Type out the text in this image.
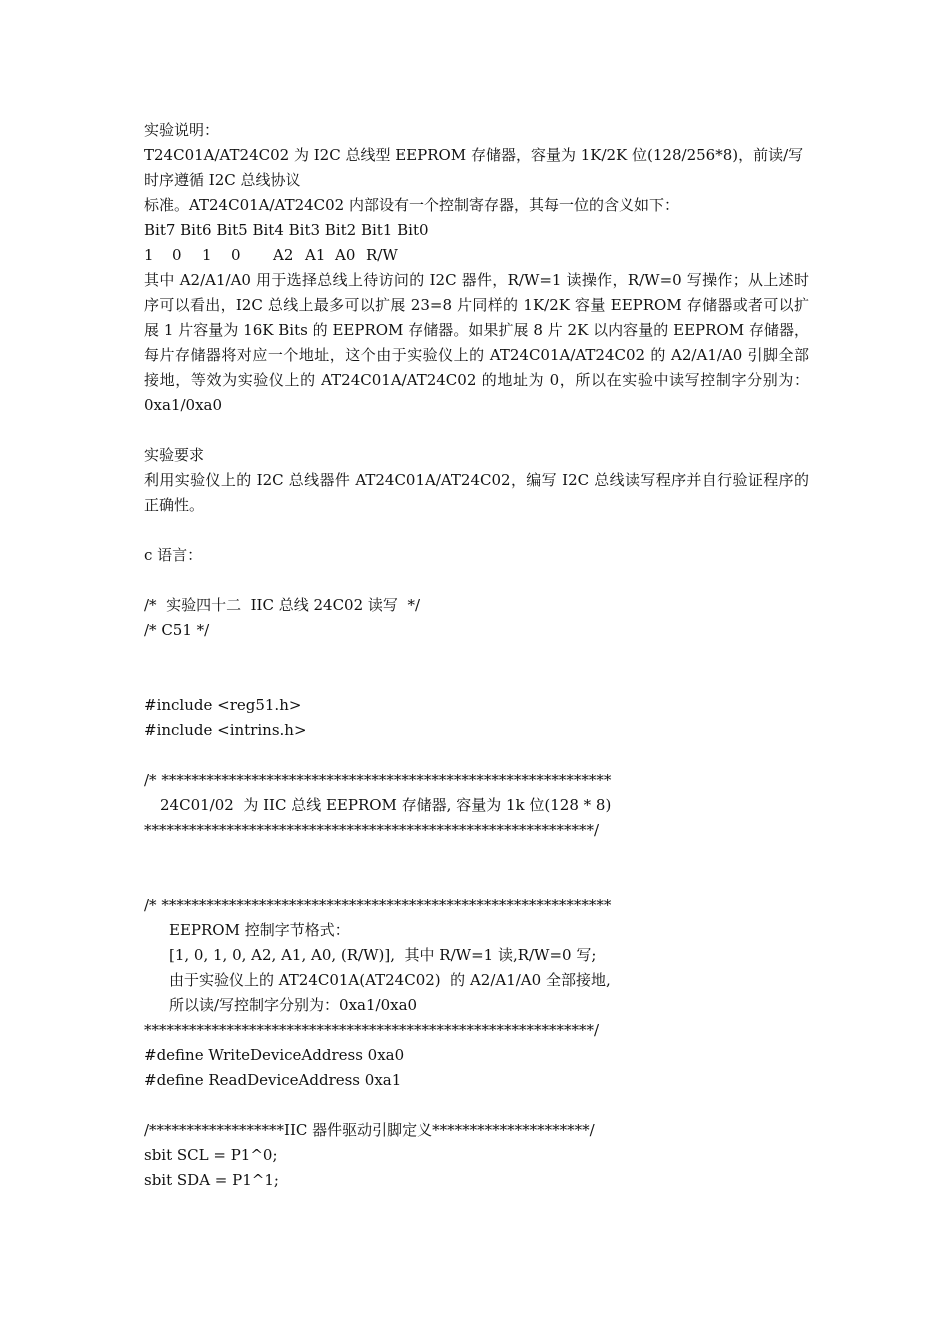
实验说明：
T24C01A/AT24C02 为 I2C 总线型 EEPROM 存储器，容量为 1K/2K 位(128/256*8)，前读/写
时序遵循 I2C 总线协议
标准。AT24C01A/AT24C02 内部设有一个控制寄存器，其每一位的含义如下：
Bit7 Bit6 Bit5 Bit4 Bit3 Bit2 Bit1 Bit0
1 0 1 0 A2 A1 A0 R/W
其中 A2/A1/A0 用于选择总线上待访问的 I2C 器件，R/W=1 读操作，R/W=0 写操作；从上述时序可以看出，I2C 总线上最多可以扩展 23=8 片同样的 1K/2K 容量 EEPROM 存储器或者可以扩展 1 片容量为 16K Bits 的 EEPROM 存储器。如果扩展 8 片 2K 以内容量的 EEPROM 存储器，每片存储器将对应一个地址，这个由于实验仪上的 AT24C01A/AT24C02 的 A2/A1/A0 引脚全部接地，等效为实验仪上的 AT24C01A/AT24C02 的地址为 0，所以在实验中读写控制字分别为：0xa1/0xa0
实验要求
利用实验仪上的 I2C 总线器件 AT24C01A/AT24C02，编写 I2C 总线读写程序并自行验证程序的正确性。
c 语言：
/*  实验四十二  IIC 总线 24C02 读写  */
/* C51 */
#include <reg51.h>
#include <intrins.h>
/* ************************************************************
24C01/02  为 IIC 总线 EEPROM 存储器, 容量为 1k 位(128 * 8)
************************************************************/
/* ************************************************************
EEPROM 控制字节格式：
[1, 0, 1, 0, A2, A1, A0, (R/W)],  其中 R/W=1 读,R/W=0 写;
由于实验仪上的 AT24C01A(AT24C02)  的 A2/A1/A0 全部接地,
所以读/写控制字分别为：0xa1/0xa0
************************************************************/
#define WriteDeviceAddress 0xa0
#define ReadDeviceAddress 0xa1
/******************IIC 器件驱动引脚定义*********************/
sbit SCL = P1^0;
sbit SDA = P1^1;
